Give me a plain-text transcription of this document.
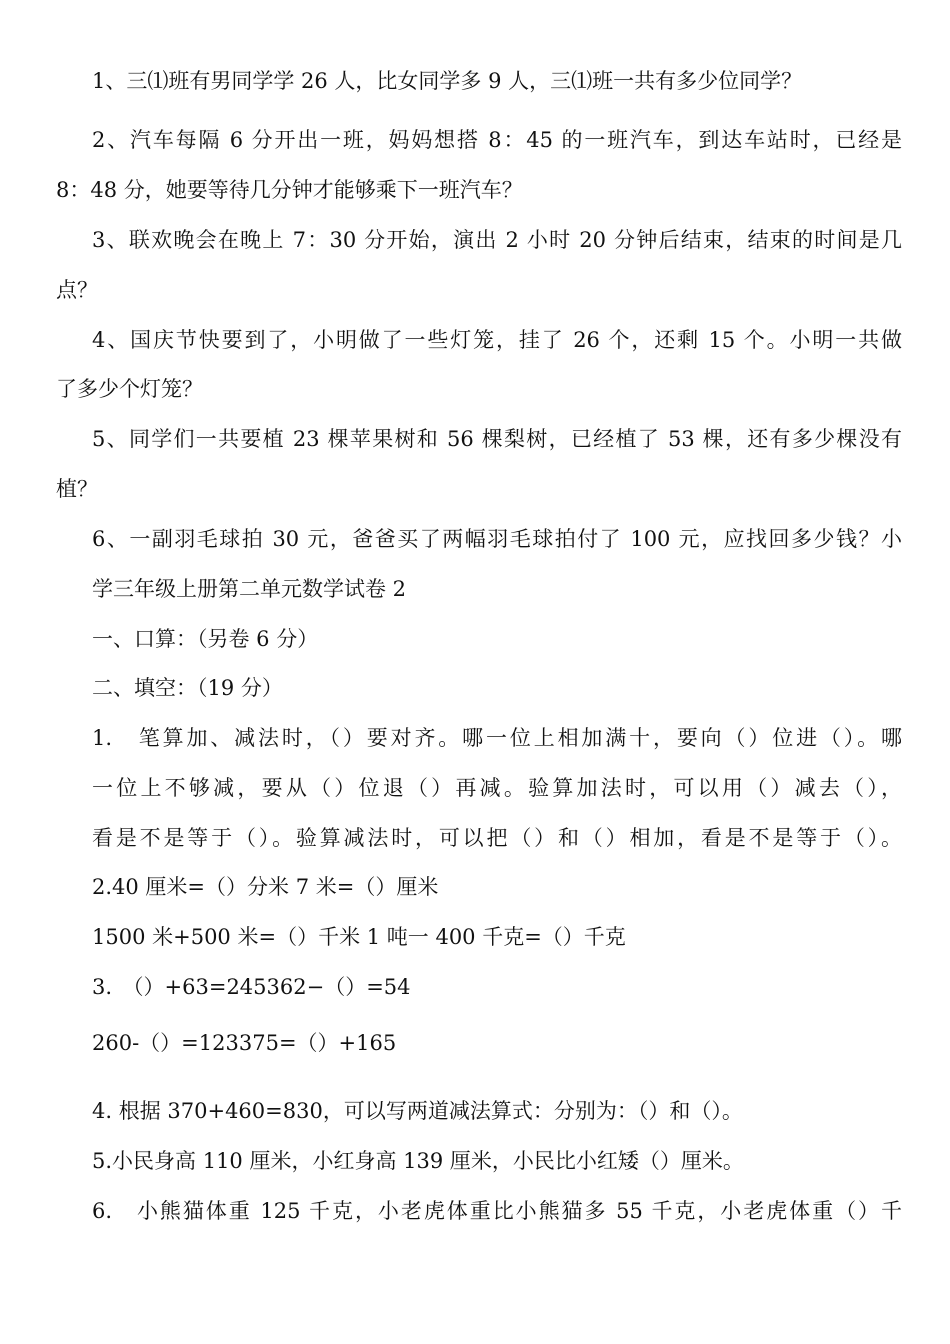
1、三⑴班有男同学学 26 人，比女同学多 9 人，三⑴班一共有多少位同学？

2、汽车每隔 6 分开出一班，妈妈想搭 8：45 的一班汽车，到达车站时，已经是

8：48 分，她要等待几分钟才能够乘下一班汽车？

3、联欢晚会在晚上 7：30 分开始，演出 2 小时 20 分钟后结束，结束的时间是几

点？

4、国庆节快要到了，小明做了一些灯笼，挂了 26 个，还剩 15 个。小明一共做

了多少个灯笼？

5、同学们一共要植 23 棵苹果树和 56 棵梨树，已经植了 53 棵，还有多少棵没有

植？

6、一副羽毛球拍 30 元，爸爸买了两幅羽毛球拍付了 100 元，应找回多少钱？小

学三年级上册第二单元数学试卷 2

一、口算：（另卷 6 分）

二、填空：（19 分）

1.　笔算加、减法时，（）要对齐。哪一位上相加满十，要向（）位进（）。哪

一位上不够减，要从（）位退（）再减。验算加法时，可以用（）减去（），

看是不是等于（）。验算减法时，可以把（）和（）相加，看是不是等于（）。

2.40 厘米=（）分米 7 米=（）厘米

1500 米+500 米=（）千米 1 吨一 400 千克=（）千克

3.　（）+63=245362−（）=54

260-（）=123375=（）+165

4. 根据 370+460=830，可以写两道减法算式：分别为：（）和（）。

5.小民身高 110 厘米，小红身高 139 厘米，小民比小红矮（）厘米。

6.　小熊猫体重 125 千克，小老虎体重比小熊猫多 55 千克，小老虎体重（）千
